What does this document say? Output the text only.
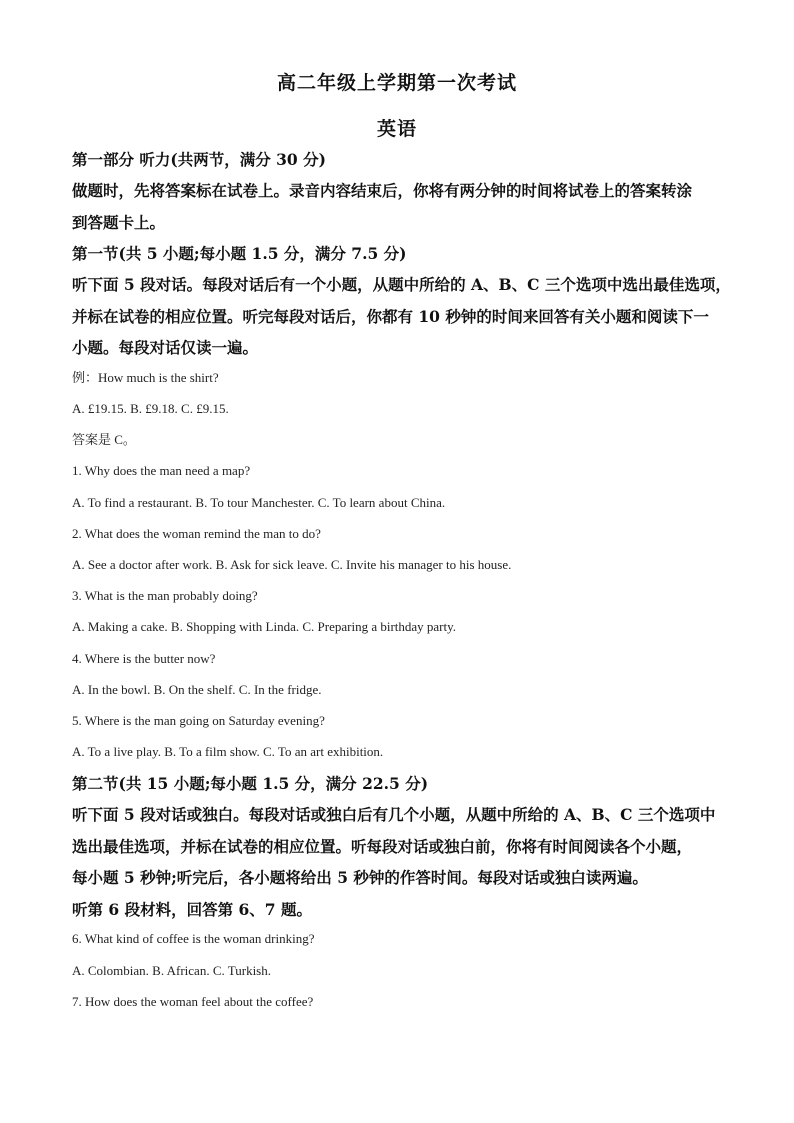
高二年级上学期第一次考试
英语
第一部分 听力(共两节，满分 30 分)
做题时，先将答案标在试卷上。录音内容结束后，你将有两分钟的时间将试卷上的答案转涂
到答题卡上。
第一节(共 5 小题;每小题 1.5 分，满分 7.5 分)
听下面 5 段对话。每段对话后有一个小题，从题中所给的 A、B、C 三个选项中选出最佳选项，
并标在试卷的相应位置。听完每段对话后，你都有 10 秒钟的时间来回答有关小题和阅读下一
小题。每段对话仅读一遍。
例：How much is the shirt?
A. £19.15. B. £9.18. C. £9.15.
答案是 C。
1. Why does the man need a map?
A. To find a restaurant. B. To tour Manchester. C. To learn about China.
2. What does the woman remind the man to do?
A. See a doctor after work. B. Ask for sick leave. C. Invite his manager to his house.
3. What is the man probably doing?
A. Making a cake. B. Shopping with Linda. C. Preparing a birthday party.
4. Where is the butter now?
A. In the bowl. B. On the shelf. C. In the fridge.
5. Where is the man going on Saturday evening?
A. To a live play. B. To a film show. C. To an art exhibition.
第二节(共 15 小题;每小题 1.5 分，满分 22.5 分)
听下面 5 段对话或独白。每段对话或独白后有几个小题，从题中所给的 A、B、C 三个选项中
选出最佳选项，并标在试卷的相应位置。听每段对话或独白前，你将有时间阅读各个小题，
每小题 5 秒钟;听完后，各小题将给出 5 秒钟的作答时间。每段对话或独白读两遍。
听第 6 段材料，回答第 6、7 题。
6. What kind of coffee is the woman drinking?
A. Colombian. B. African. C. Turkish.
7. How does the woman feel about the coffee?
